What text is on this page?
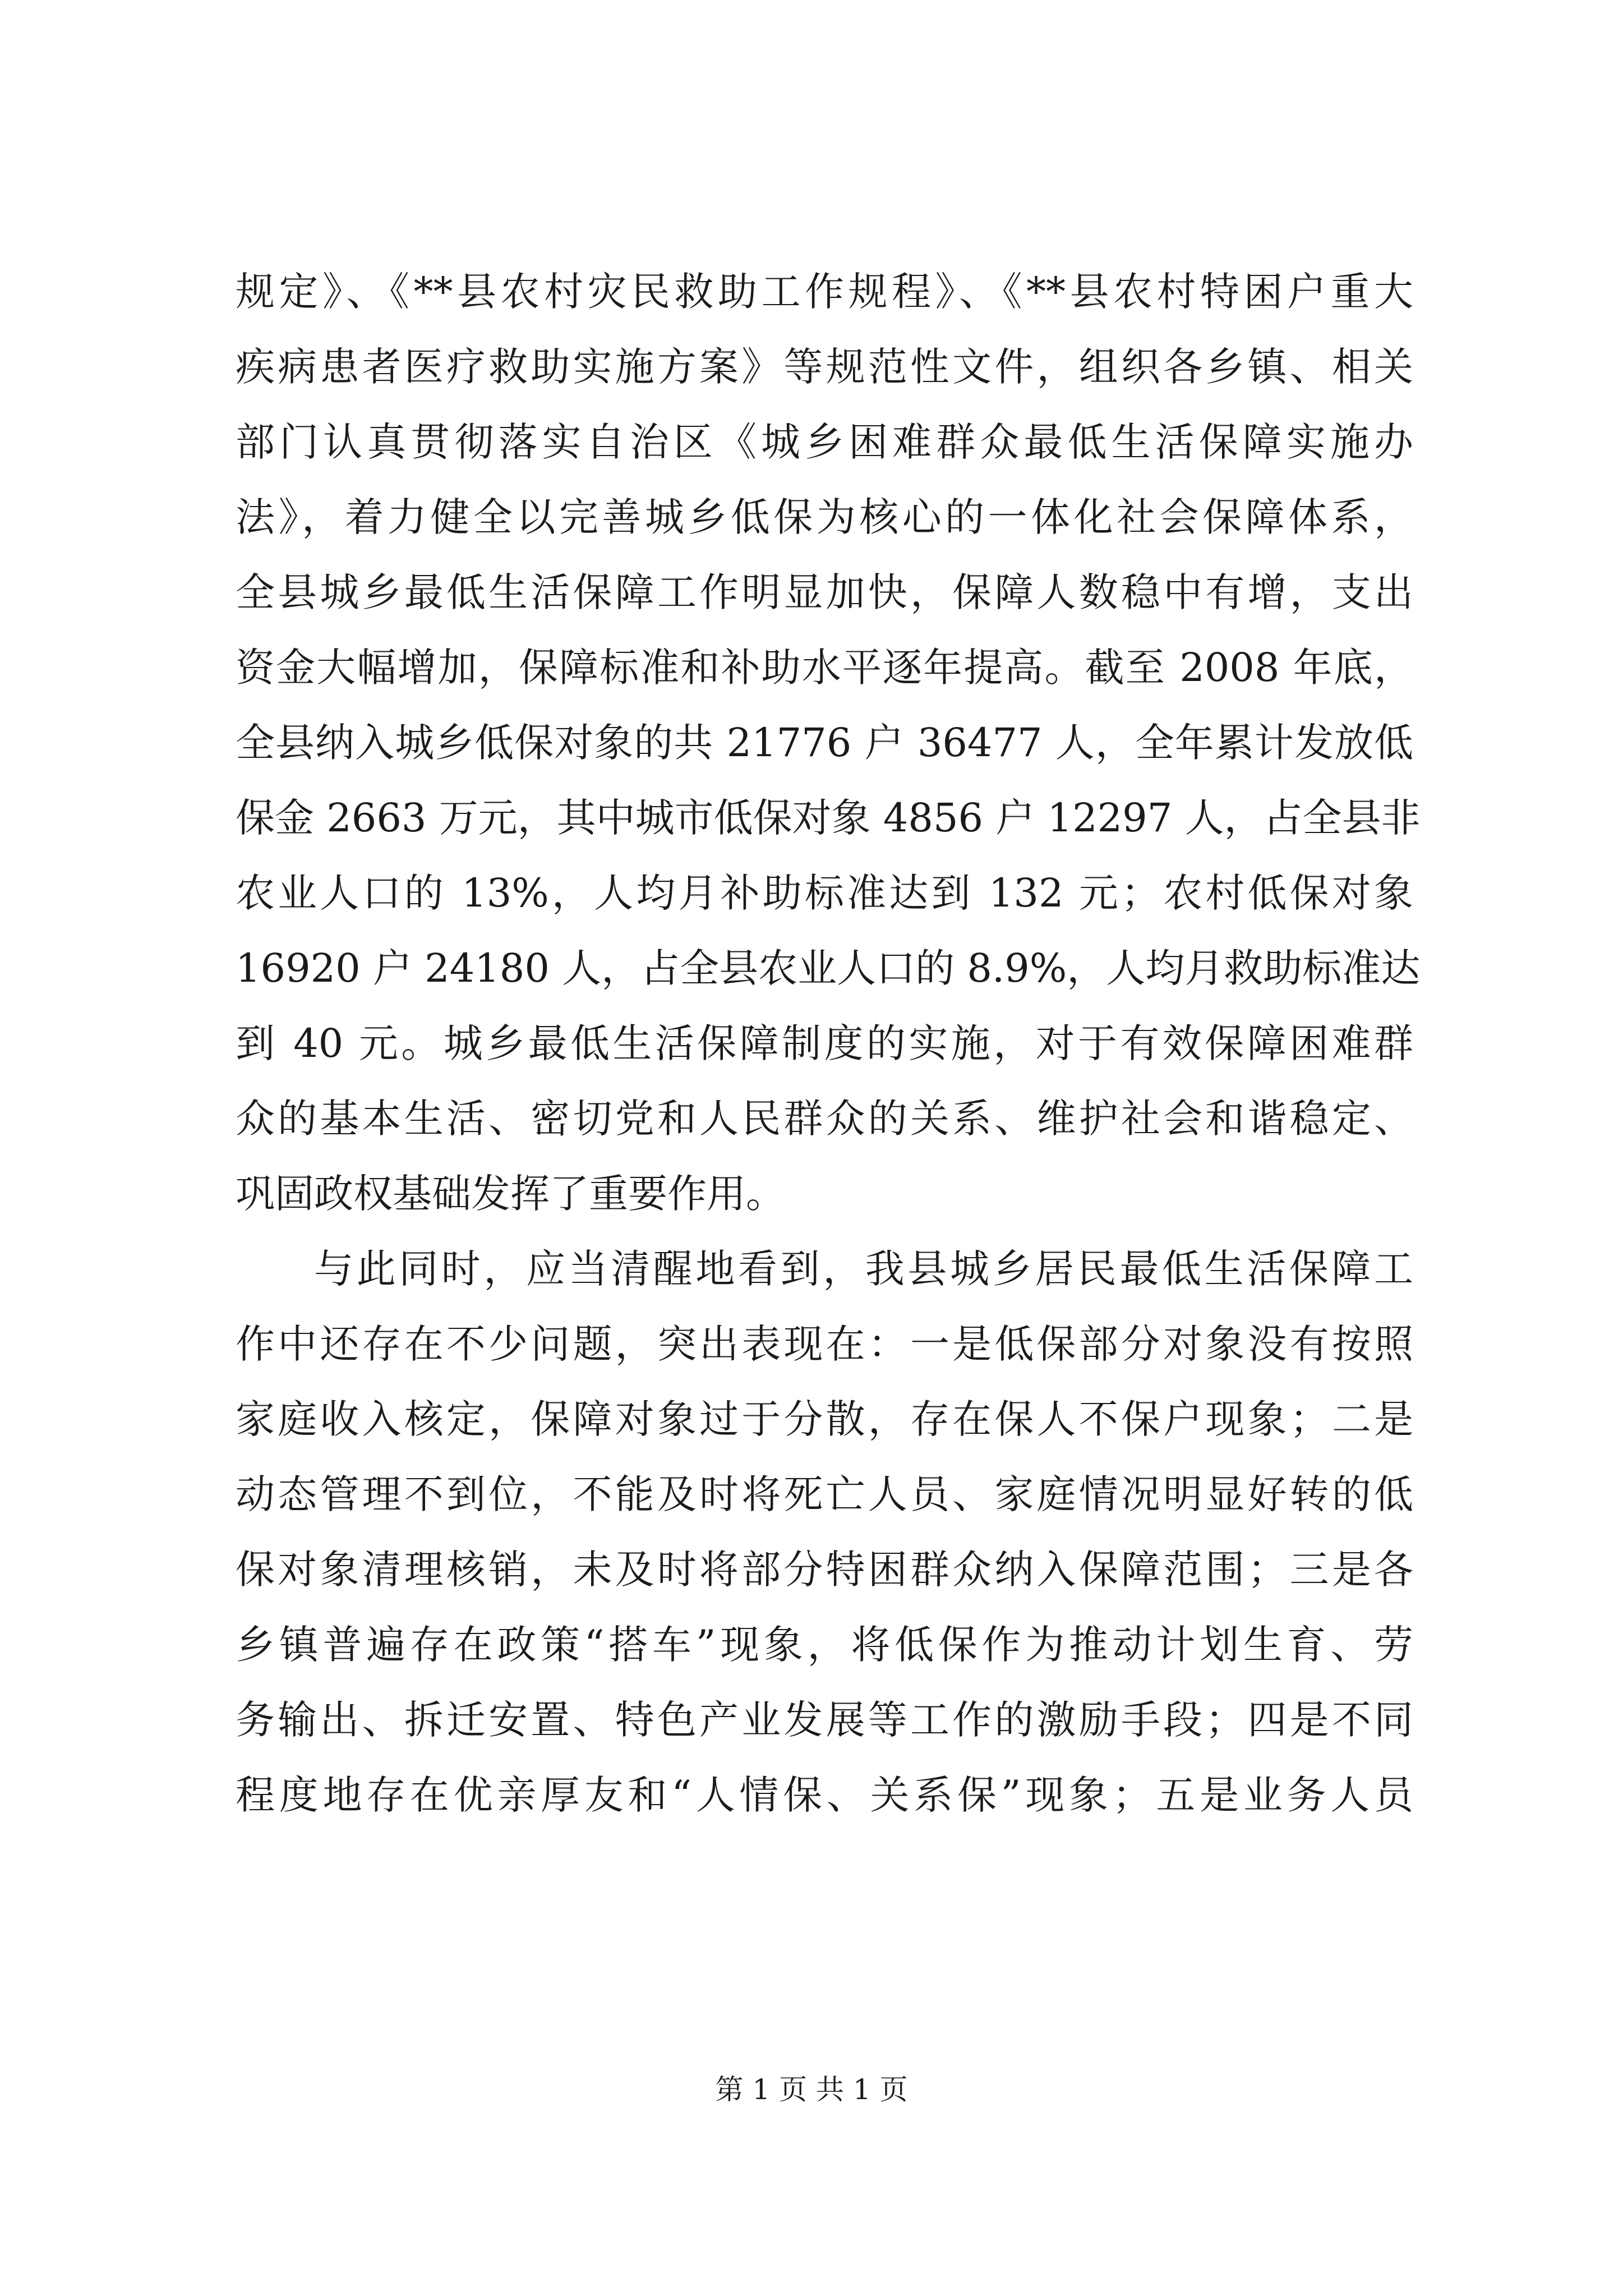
规定》、《**县农村灾民救助工作规程》、《**县农村特困户重大
疾病患者医疗救助实施方案》等规范性文件，组织各乡镇、相关
部门认真贯彻落实自治区《城乡困难群众最低生活保障实施办
法》，着力健全以完善城乡低保为核心的一体化社会保障体系，
全县城乡最低生活保障工作明显加快，保障人数稳中有增，支出
资金大幅增加，保障标准和补助水平逐年提高。截至 2008 年底，
全县纳入城乡低保对象的共 21776 户 36477 人，全年累计发放低
保金 2663 万元，其中城市低保对象 4856 户 12297 人，占全县非
农业人口的 13%，人均月补助标准达到 132 元；农村低保对象
16920 户 24180 人，占全县农业人口的 8.9%，人均月救助标准达
到 40 元。城乡最低生活保障制度的实施，对于有效保障困难群
众的基本生活、密切党和人民群众的关系、维护社会和谐稳定、
巩固政权基础发挥了重要作用。
与此同时，应当清醒地看到，我县城乡居民最低生活保障工
作中还存在不少问题，突出表现在：一是低保部分对象没有按照
家庭收入核定，保障对象过于分散，存在保人不保户现象；二是
动态管理不到位，不能及时将死亡人员、家庭情况明显好转的低
保对象清理核销，未及时将部分特困群众纳入保障范围；三是各
乡镇普遍存在政策“搭车”现象，将低保作为推动计划生育、劳
务输出、拆迁安置、特色产业发展等工作的激励手段；四是不同
程度地存在优亲厚友和“人情保、关系保”现象；五是业务人员
第 1 页 共 1 页
